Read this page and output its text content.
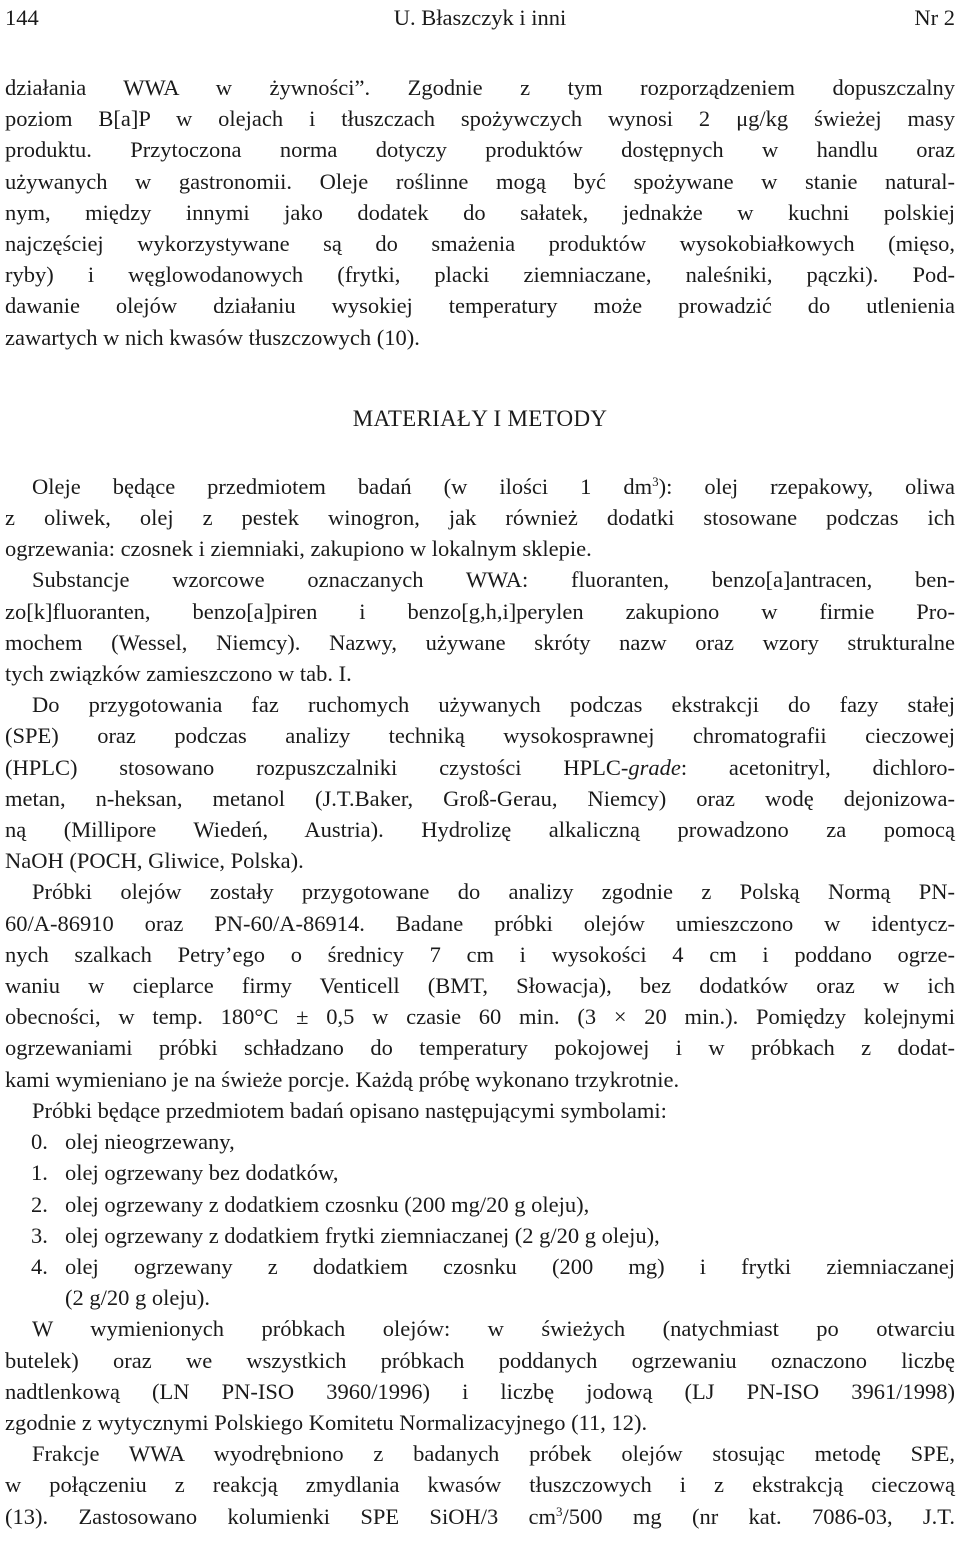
144	U. Błaszczyk i inni	Nr 2

działania WWA w żywności”. Zgodnie z tym rozporządzeniem dopuszczalny
poziom B[a]P w olejach i tłuszczach spożywczych wynosi 2 μg/kg świeżej masy
produktu. Przytoczona norma dotyczy produktów dostępnych w handlu oraz
używanych w gastronomii. Oleje roślinne mogą być spożywane w stanie natural-
nym, między innymi jako dodatek do sałatek, jednakże w kuchni polskiej
najczęściej wykorzystywane są do smażenia produktów wysokobiałkowych (mięso,
ryby) i węglowodanowych (frytki, placki ziemniaczane, naleśniki, pączki). Pod-
dawanie olejów działaniu wysokiej temperatury może prowadzić do utlenienia
zawartych w nich kwasów tłuszczowych (10).

MATERIAŁY I METODY

Oleje będące przedmiotem badań (w ilości 1 $dm^3$): olej rzepakowy, oliwa
z oliwek, olej z pestek winogron, jak również dodatki stosowane podczas ich
ogrzewania: czosnek i ziemniaki, zakupiono w lokalnym sklepie.

Substancje wzorcowe oznaczanych WWA: fluoranten, benzo[a]antracen, ben-
zo[k]fluoranten, benzo[a]piren i benzo[g,h,i]perylen zakupiono w firmie Pro-
mochem (Wessel, Niemcy). Nazwy, używane skróty nazw oraz wzory strukturalne
tych związków zamieszczono w tab. I.

Do przygotowania faz ruchomych używanych podczas ekstrakcji do fazy stałej
(SPE) oraz podczas analizy techniką wysokosprawnej chromatografii cieczowej
(HPLC) stosowano rozpuszczalniki czystości HPLC-grade: acetonitryl, dichloro-
metan, n-heksan, metanol (J.T.Baker, Groß-Gerau, Niemcy) oraz wodę dejonizowa-
ną (Millipore Wiedeń, Austria). Hydrolizę alkaliczną prowadzono za pomocą
NaOH (POCH, Gliwice, Polska).

Próbki olejów zostały przygotowane do analizy zgodnie z Polską Normą PN-
60/A-86910 oraz PN-60/A-86914. Badane próbki olejów umieszczono w identycz-
nych szalkach Petry’ego o średnicy 7 cm i wysokości 4 cm i poddano ogrze-
waniu w cieplarce firmy Venticell (BMT, Słowacja), bez dodatków oraz w ich
obecności, w temp. 180°C ± 0,5 w czasie 60 min. (3 × 20 min.). Pomiędzy kolejnymi
ogrzewaniami próbki schładzano do temperatury pokojowej i w próbkach z dodat-
kami wymieniano je na świeże porcje. Każdą próbę wykonano trzykrotnie.

Próbki będące przedmiotem badań opisano następującymi symbolami:

0. olej nieogrzewany,
1. olej ogrzewany bez dodatków,
2. olej ogrzewany z dodatkiem czosnku (200 mg/20 g oleju),
3. olej ogrzewany z dodatkiem frytki ziemniaczanej (2 g/20 g oleju),
4. olej ogrzewany z dodatkiem czosnku (200 mg) i frytki ziemniaczanej
(2 g/20 g oleju).

W wymienionych próbkach olejów: w świeżych (natychmiast po otwarciu
butelek) oraz we wszystkich próbkach poddanych ogrzewaniu oznaczono liczbę
nadtlenkową (LN PN-ISO 3960/1996) i liczbę jodową (LJ PN-ISO 3961/1998)
zgodnie z wytycznymi Polskiego Komitetu Normalizacyjnego (11, 12).

Frakcje WWA wyodrębniono z badanych próbek olejów stosując metodę SPE,
w połączeniu z reakcją zmydlania kwasów tłuszczowych i z ekstrakcją cieczową
(13). Zastosowano kolumienki SPE SiOH/3 $cm^3/500$ mg (nr kat. 7086-03, J.T.
